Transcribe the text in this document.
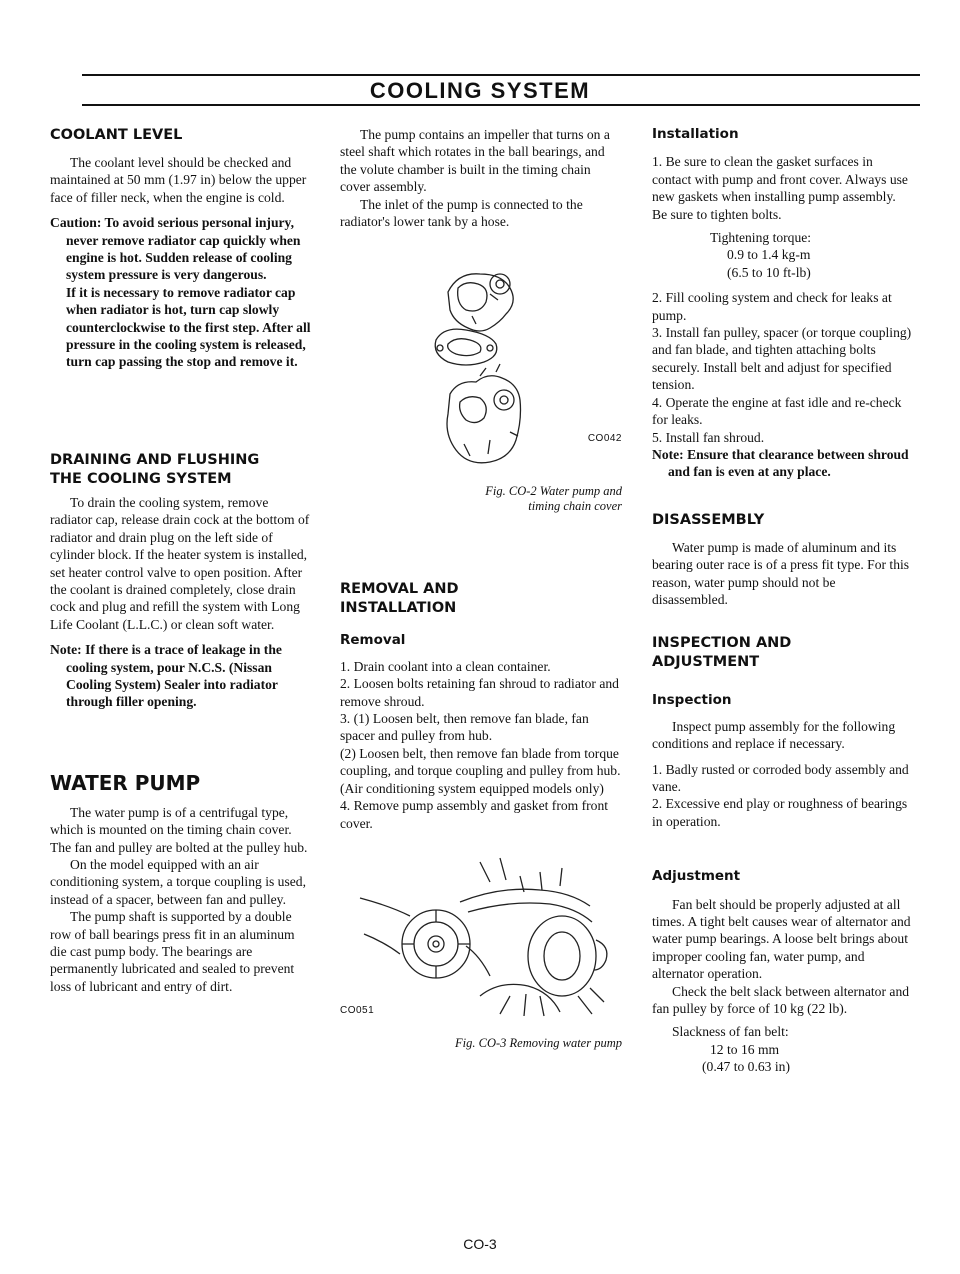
COOLING SYSTEM

COOLANT LEVEL

The coolant level should be checked and maintained at 50 mm (1.97 in) below the upper face of filler neck, when the engine is cold.

Caution: To avoid serious personal injury, never remove radiator cap quickly when engine is hot. Sudden release of cooling system pressure is very dangerous.

If it is necessary to remove radiator cap when radiator is hot, turn cap slowly counterclockwise to the first step. After all pressure in the cooling system is released, turn cap passing the stop and remove it.

DRAINING AND FLUSHING

THE COOLING SYSTEM

To drain the cooling system, remove radiator cap, release drain cock at the bottom of radiator and drain plug on the left side of cylinder block. If the heater system is installed, set heater control valve to open position. After the coolant is drained completely, close drain cock and plug and refill the system with Long Life Coolant (L.L.C.) or clean soft water.

Note: If there is a trace of leakage in the cooling system, pour N.C.S. (Nissan Cooling System) Sealer into radiator through filler opening.

WATER PUMP

The water pump is of a centrifugal type, which is mounted on the timing chain cover. The fan and pulley are bolted at the pulley hub.

On the model equipped with an air conditioning system, a torque coupling is used, instead of a spacer, between fan and pulley.

The pump shaft is supported by a double row of ball bearings press fit in an aluminum die cast pump body. The bearings are permanently lubricated and sealed to prevent loss of lubricant and entry of dirt.

The pump contains an impeller that turns on a steel shaft which rotates in the ball bearings, and the volute chamber is built in the timing chain cover assembly.

The inlet of the pump is connected to the radiator's lower tank by a hose.

CO042
Fig. CO-2 Water pump and
timing chain cover

REMOVAL AND

INSTALLATION

Removal

1. Drain coolant into a clean container.

2. Loosen bolts retaining fan shroud to radiator and remove shroud.

3. (1) Loosen belt, then remove fan blade, fan spacer and pulley from hub.

(2) Loosen belt, then remove fan blade from torque coupling, and torque coupling and pulley from hub.

(Air conditioning system equipped models only)

4. Remove pump assembly and gasket from front cover.

CO051
Fig. CO-3 Removing water pump

Installation

1. Be sure to clean the gasket surfaces in contact with pump and front cover. Always use new gaskets when installing pump assembly. Be sure to tighten bolts.

Tightening torque:

0.9 to 1.4 kg-m

(6.5 to 10 ft-lb)

2. Fill cooling system and check for leaks at pump.

3. Install fan pulley, spacer (or torque coupling) and fan blade, and tighten attaching bolts securely. Install belt and adjust for specified tension.

4. Operate the engine at fast idle and re-check for leaks.

5. Install fan shroud.

Note: Ensure that clearance between shroud and fan is even at any place.

DISASSEMBLY

Water pump is made of aluminum and its bearing outer race is of a press fit type. For this reason, water pump should not be disassembled.

INSPECTION AND

ADJUSTMENT

Inspection

Inspect pump assembly for the following conditions and replace if necessary.

1. Badly rusted or corroded body assembly and vane.

2. Excessive end play or roughness of bearings in operation.

Adjustment

Fan belt should be properly adjusted at all times. A tight belt causes wear of alternator and water pump bearings. A loose belt brings about improper cooling fan, water pump, and alternator operation.

Check the belt slack between alternator and fan pulley by force of 10 kg (22 lb).

Slackness of fan belt:

12 to 16 mm

(0.47 to 0.63 in)

CO-3
